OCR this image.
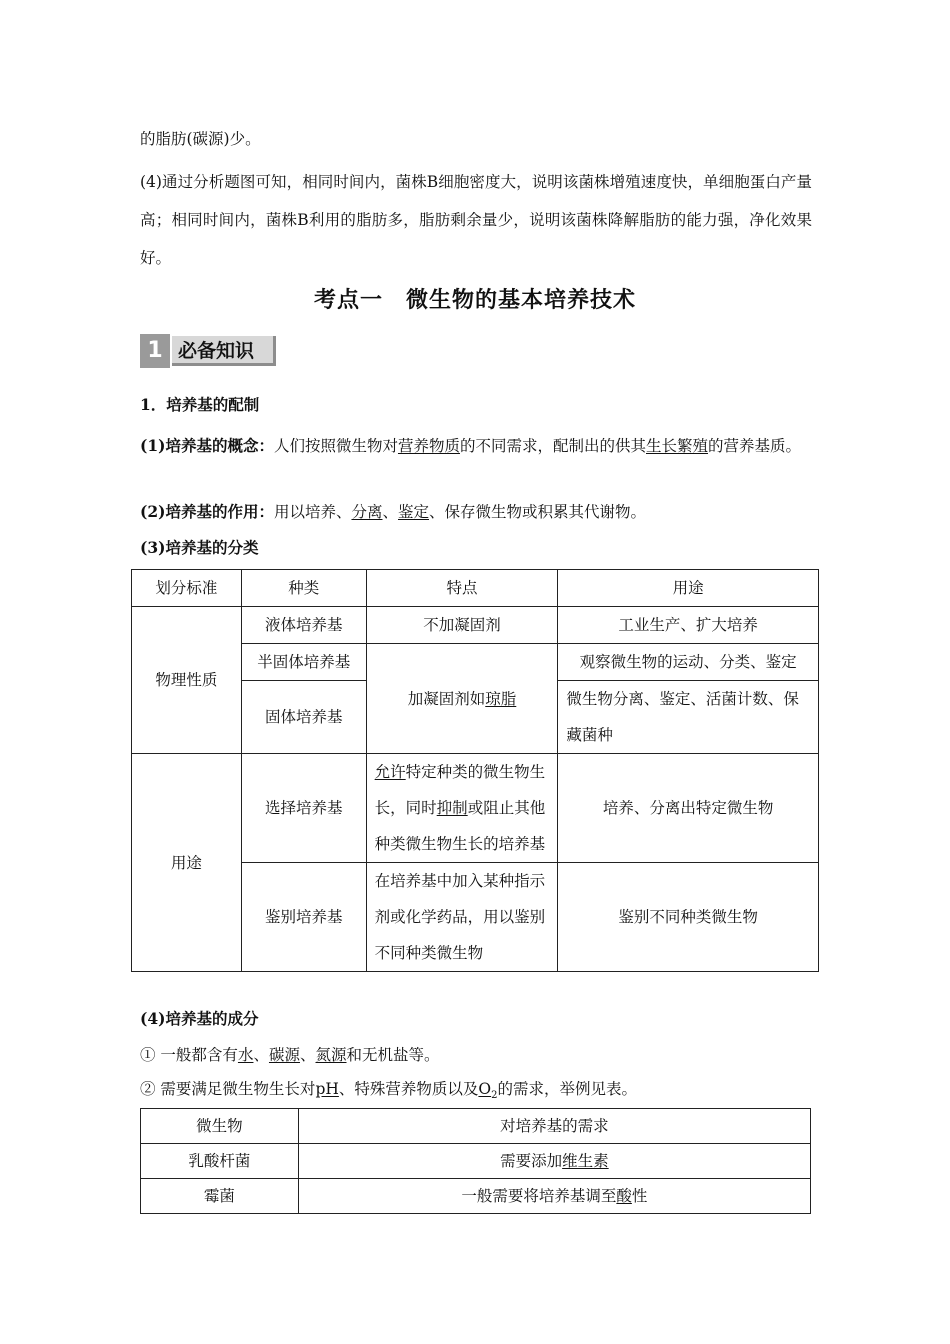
的脂肪(碳源)少。
(4)通过分析题图可知，相同时间内，菌株B细胞密度大，说明该菌株增殖速度快，单细胞蛋白产量高；相同时间内，菌株B利用的脂肪多，脂肪剩余量少，说明该菌株降解脂肪的能力强，净化效果好。
考点一　微生物的基本培养技术
1 必备知识
1．培养基的配制
(1)培养基的概念：人们按照微生物对营养物质的不同需求，配制出的供其生长繁殖的营养基质。
(2)培养基的作用：用以培养、分离、鉴定、保存微生物或积累其代谢物。
(3)培养基的分类
划分标准	种类	特点	用途
物理性质	液体培养基	不加凝固剂	工业生产、扩大培养
	半固体培养基	加凝固剂如琼脂	观察微生物的运动、分类、鉴定
	固体培养基		微生物分离、鉴定、活菌计数、保藏菌种
用途	选择培养基	允许特定种类的微生物生长，同时抑制或阻止其他种类微生物生长的培养基	培养、分离出特定微生物
	鉴别培养基	在培养基中加入某种指示剂或化学药品，用以鉴别不同种类微生物	鉴别不同种类微生物
(4)培养基的成分
① 一般都含有水、碳源、氮源和无机盐等。
② 需要满足微生物生长对pH、特殊营养物质以及$O_2$的需求，举例见表。
微生物	对培养基的需求
乳酸杆菌	需要添加维生素
霉菌	一般需要将培养基调至酸性
